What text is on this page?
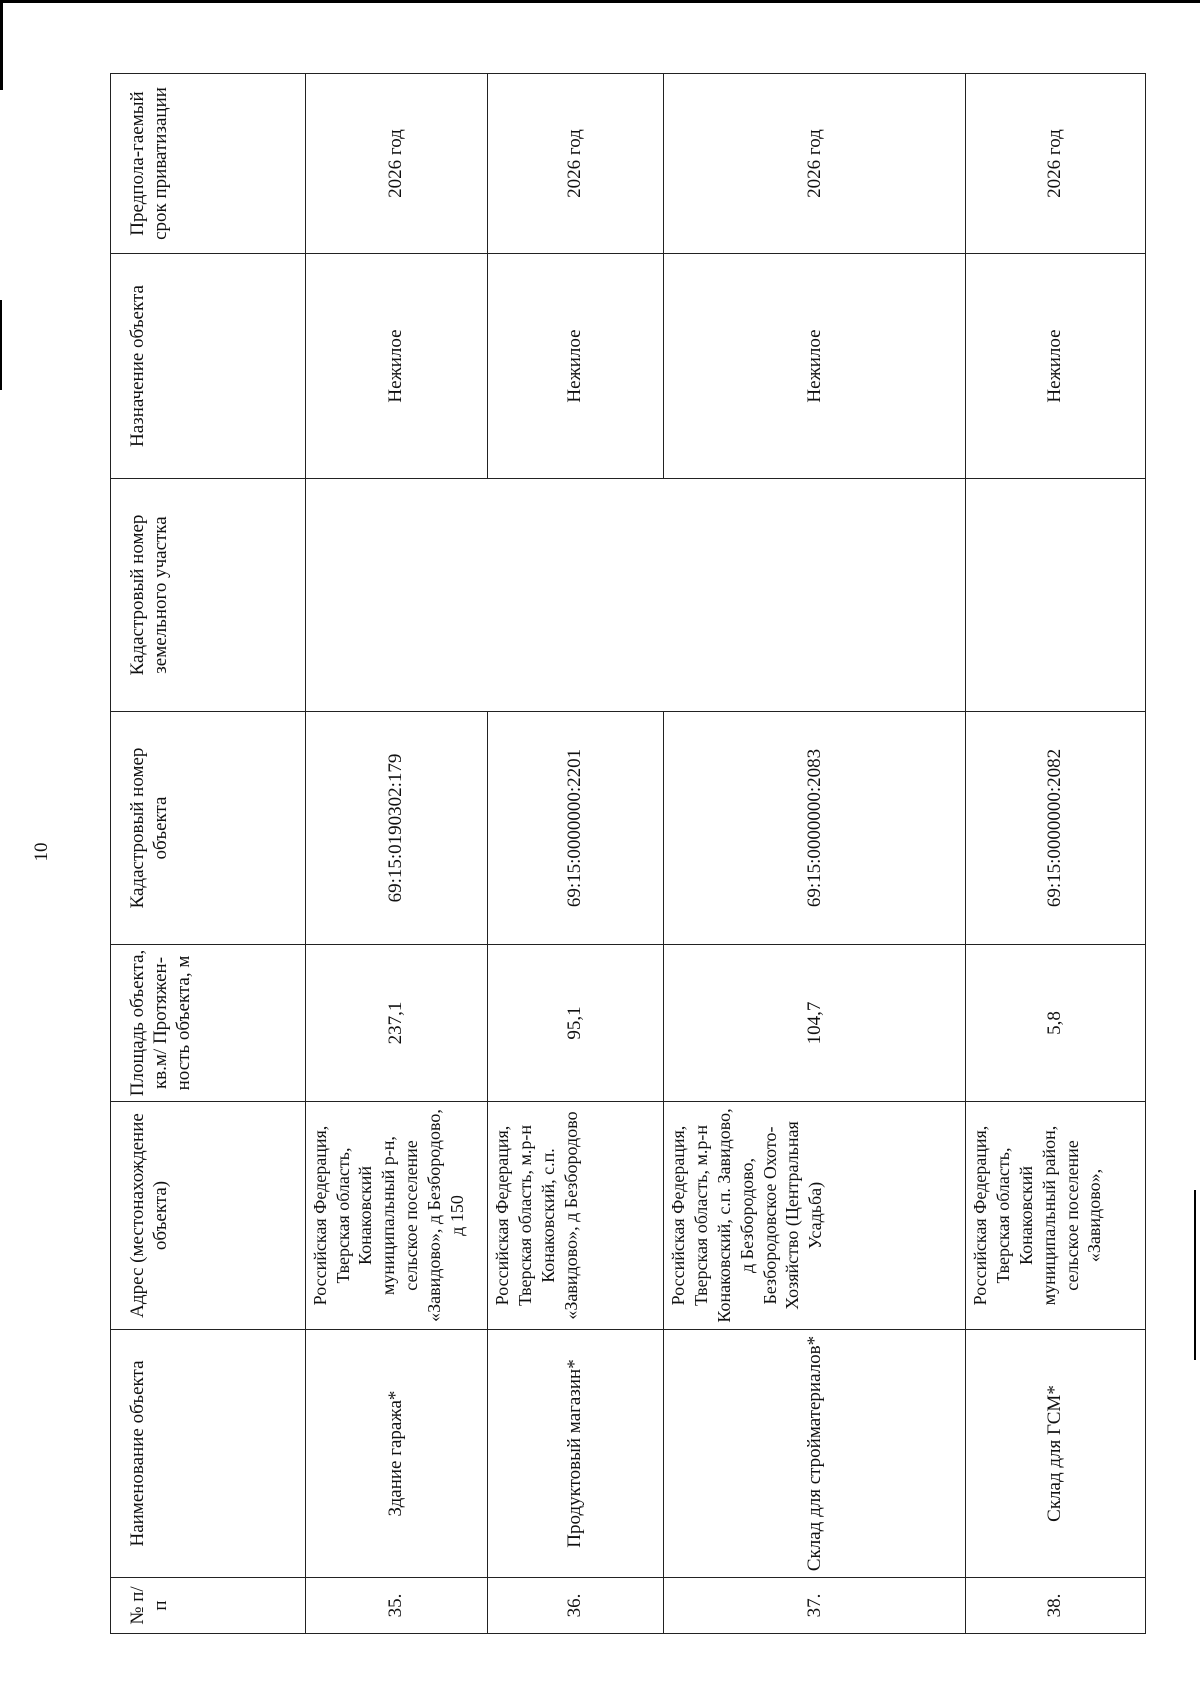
10
№ п/п	Наименование объекта	Адрес (местонахождение объекта)	Площадь объекта, кв.м/ Протяжен-ность объекта, м	Кадастровый номер объекта	Кадастровый номер земельного участка	Назначение объекта	Предпола-гаемый срок приватизации
35.	Здание гаража*	Российская Федерация, Тверская область, Конаковский муниципальный р-н, сельское поселение «Завидово», д Безбородово, д 150	237,1	69:15:0190302:179		Нежилое	2026 год
36.	Продуктовый магазин*	Российская Федерация, Тверская область, м.р-н Конаковский, с.п. «Завидово», д Безбородово	95,1	69:15:0000000:2201		Нежилое	2026 год
37.	Склад для стройматериалов*	Российская Федерация, Тверская область, м.р-н Конаковский, с.п. Завидово, д Безбородово, Безбородовское Охото-Хозяйство (Центральная Усадьба)	104,7	69:15:0000000:2083		Нежилое	2026 год
38.	Склад для ГСМ*	Российская Федерация, Тверская область, Конаковский муниципальный район, сельское поселение «Завидово»,	5,8	69:15:0000000:2082		Нежилое	2026 год
